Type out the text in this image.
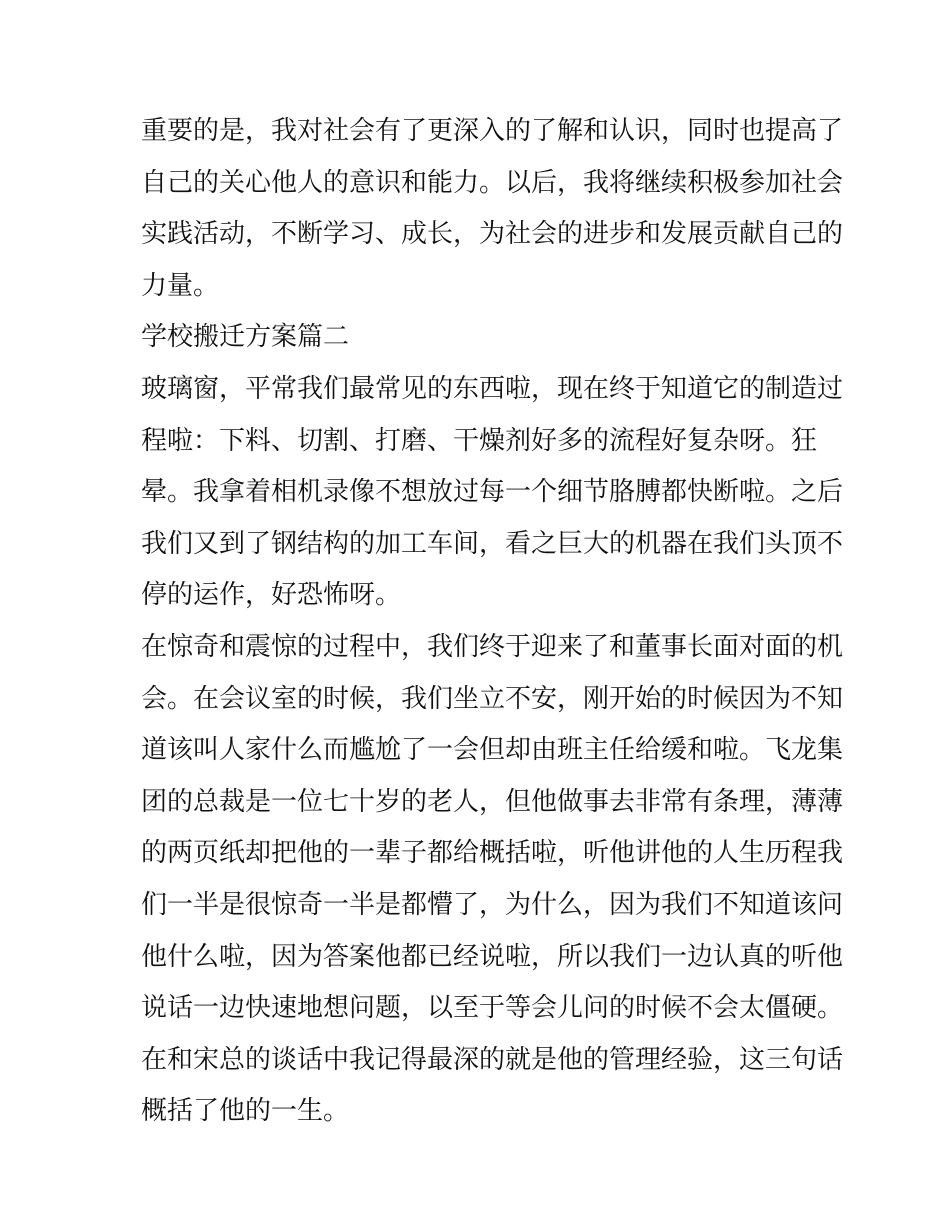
重要的是，我对社会有了更深入的了解和认识，同时也提高了
自己的关心他人的意识和能力。以后，我将继续积极参加社会
实践活动，不断学习、成长，为社会的进步和发展贡献自己的
力量。
学校搬迁方案篇二
玻璃窗，平常我们最常见的东西啦，现在终于知道它的制造过
程啦：下料、切割、打磨、干燥剂好多的流程好复杂呀。狂
晕。我拿着相机录像不想放过每一个细节胳膊都快断啦。之后
我们又到了钢结构的加工车间，看之巨大的机器在我们头顶不
停的运作，好恐怖呀。
在惊奇和震惊的过程中，我们终于迎来了和董事长面对面的机
会。在会议室的时候，我们坐立不安，刚开始的时候因为不知
道该叫人家什么而尴尬了一会但却由班主任给缓和啦。飞龙集
团的总裁是一位七十岁的老人，但他做事去非常有条理，薄薄
的两页纸却把他的一辈子都给概括啦，听他讲他的人生历程我
们一半是很惊奇一半是都懵了，为什么，因为我们不知道该问
他什么啦，因为答案他都已经说啦，所以我们一边认真的听他
说话一边快速地想问题，以至于等会儿问的时候不会太僵硬。
在和宋总的谈话中我记得最深的就是他的管理经验，这三句话
概括了他的一生。
